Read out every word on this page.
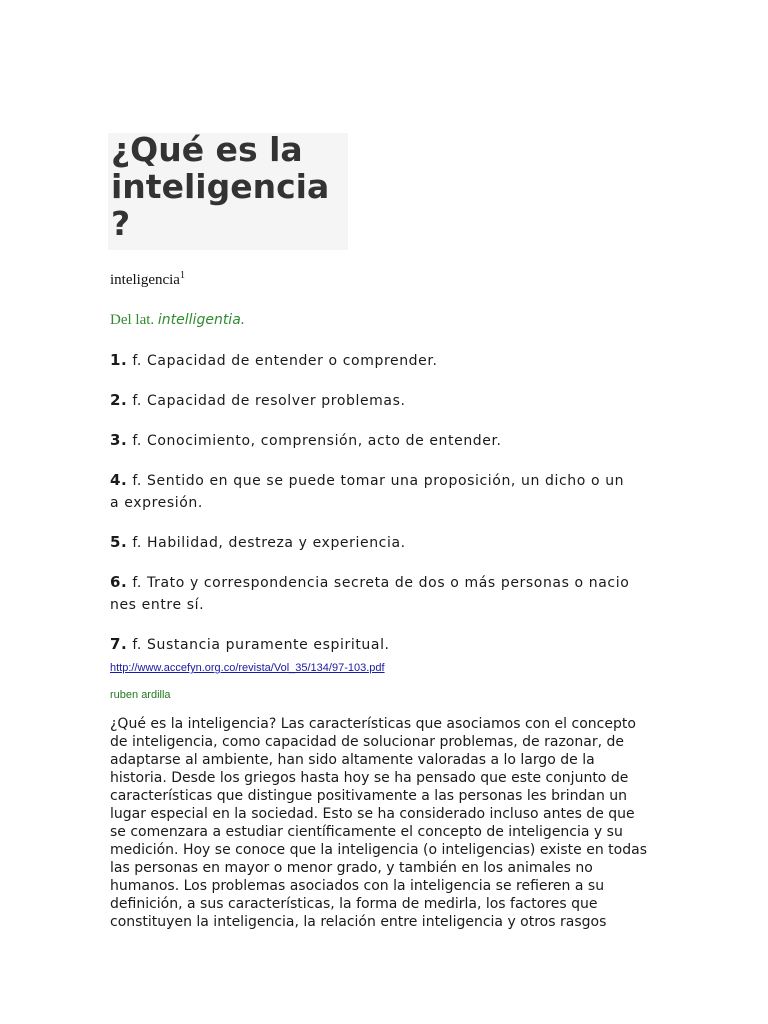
¿Qué es la
inteligencia
?
inteligencia$^1$
Del lat. intelligentia.
1. f. Capacidad de entender o comprender.
2. f. Capacidad de resolver problemas.
3. f. Conocimiento, comprensión, acto de entender.
4. f. Sentido en que se puede tomar una proposición, un dicho o un
a expresión.
5. f. Habilidad, destreza y experiencia.
6. f. Trato y correspondencia secreta de dos o más personas o nacio
nes entre sí.
7. f. Sustancia puramente espiritual.
http://www.accefyn.org.co/revista/Vol_35/134/97-103.pdf
ruben ardilla

¿Qué es la inteligencia? Las características que asociamos con el concepto
de inteligencia, como capacidad de solucionar problemas, de razonar, de
adaptarse al ambiente, han sido altamente valoradas a lo largo de la
historia. Desde los griegos hasta hoy se ha pensado que este conjunto de
características que distingue positivamente a las personas les brindan un
lugar especial en la sociedad. Esto se ha considerado incluso antes de que
se comenzara a estudiar científicamente el concepto de inteligencia y su
medición. Hoy se conoce que la inteligencia (o inteligencias) existe en todas
las personas en mayor o menor grado, y también en los animales no
humanos. Los problemas asociados con la inteligencia se refieren a su
definición, a sus características, la forma de medirla, los factores que
constituyen la inteligencia, la relación entre inteligencia y otros rasgos
